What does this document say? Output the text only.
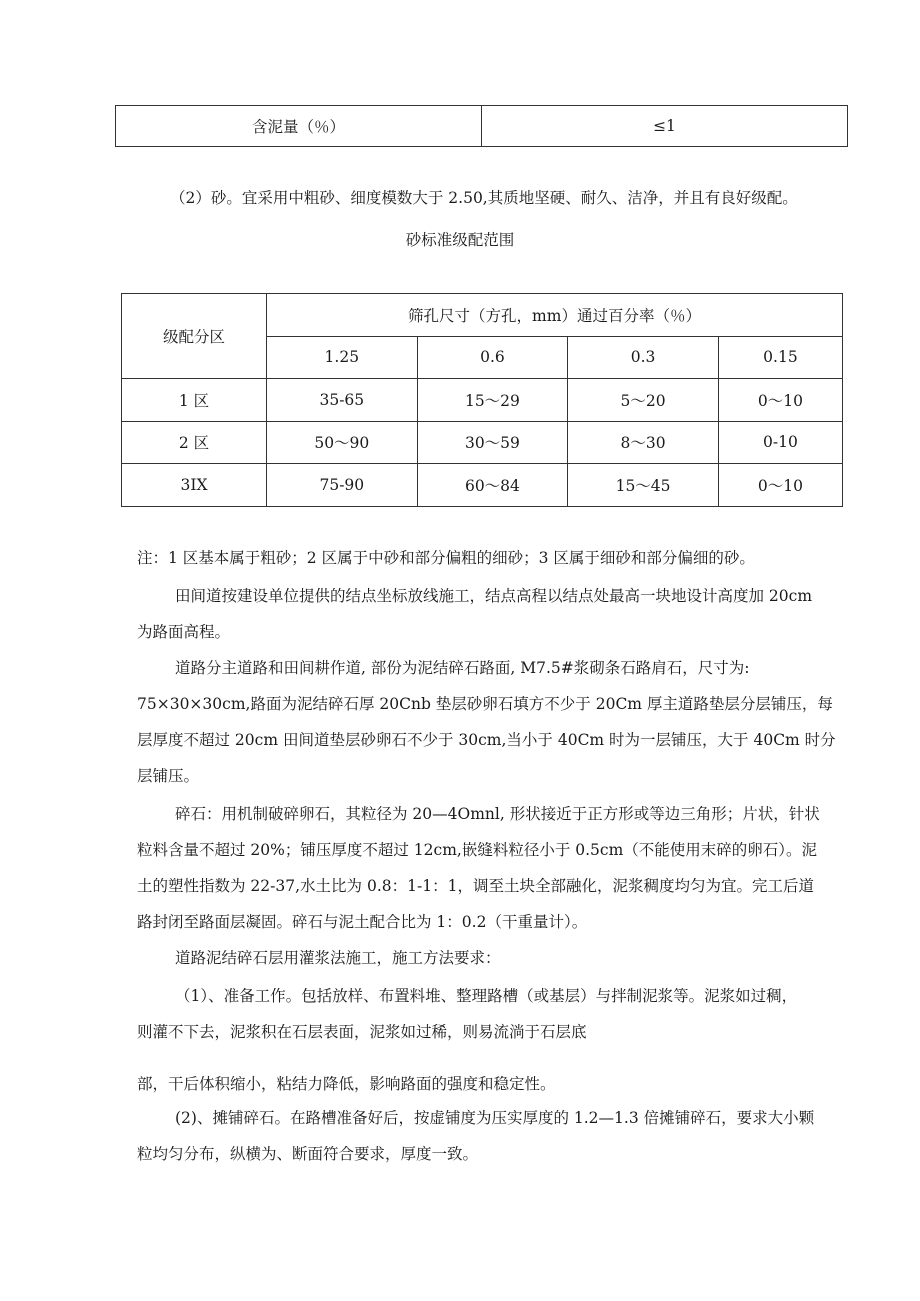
含泥量（％）	≤1

（2）砂。宜采用中粗砂、细度模数大于 2.50,其质地坚硬、耐久、洁净，并且有良好级配。

砂标准级配范围

级配分区	筛孔尺寸（方孔，mm）通过百分率（％）			
	1.25	0.6	0.3	0.15
1 区	35-65	15～29	5～20	0～10
2 区	50～90	30～59	8～30	0-10
3IX	75-90	60～84	15～45	0～10

注：1 区基本属于粗砂；2 区属于中砂和部分偏粗的细砂；3 区属于细砂和部分偏细的砂。

田间道按建设单位提供的结点坐标放线施工，结点高程以结点处最高一块地设计高度加 20cm

为路面高程。

道路分主道路和田间耕作道, 部份为泥结碎石路面, M7.5#浆砌条石路肩石，尺寸为:

75×30×30cm,路面为泥结碎石厚 20Cnb 垫层砂卵石填方不少于 20Cm 厚主道路垫层分层铺压，每

层厚度不超过 20cm 田间道垫层砂卵石不少于 30cm,当小于 40Cm 时为一层铺压，大于 40Cm 时分

层铺压。

碎石：用机制破碎卵石，其粒径为 20—4Omnl, 形状接近于正方形或等边三角形；片状，针状

粒料含量不超过 20%；铺压厚度不超过 12cm,嵌缝料粒径小于 0.5cm（不能使用末碎的卵石）。泥

土的塑性指数为 22-37,水土比为 0.8：1-1：1，调至土块全部融化，泥浆稠度均匀为宜。完工后道

路封闭至路面层凝固。碎石与泥土配合比为 1：0.2（干重量计）。

道路泥结碎石层用灌浆法施工，施工方法要求：

（1）、准备工作。包括放样、布置料堆、整理路槽（或基层）与拌制泥浆等。泥浆如过稠，

则灌不下去，泥浆积在石层表面，泥浆如过稀，则易流淌于石层底

部，干后体积缩小，粘结力降低，影响路面的强度和稳定性。

(2)、摊铺碎石。在路槽准备好后，按虚铺度为压实厚度的 1.2—1.3 倍摊铺碎石，要求大小颗

粒均匀分布，纵横为、断面符合要求，厚度一致。
